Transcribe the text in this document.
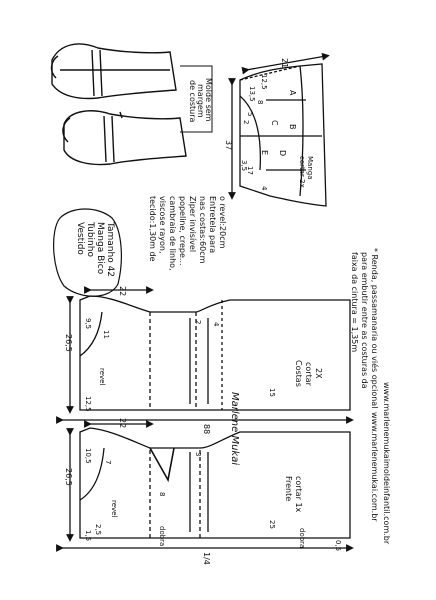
21
12,5
37
17
13,5
8
4
5
3,5
2
A
B
C
D
E
Manga
cortar 2x
Molde sem
margem
de costura
* Renda, passamanaria ou viés opcional
para embutir entre as costuras da
faixa da cintura = 1,35m
Vestido Tubinho Manga Bico Tamanho 42	tecido:1,30m de viscose rayon, cambraia de linho, popeline, crepe... Ziper invisível nas costas:60cm Entretela para o revel:20cm
26,5
22
9,5
11
12,5
2 4
15
revel	Costas cortar 2X
88
26,5
22
10,5 7
8
3
1,5
2,5	25
0,5
revel
dobra	dobra
Frente cortar 1x
1/4
Marlene Mukai	www.marlenemukai.com.br www.marlenemukaimoldeinfantil.com.br
